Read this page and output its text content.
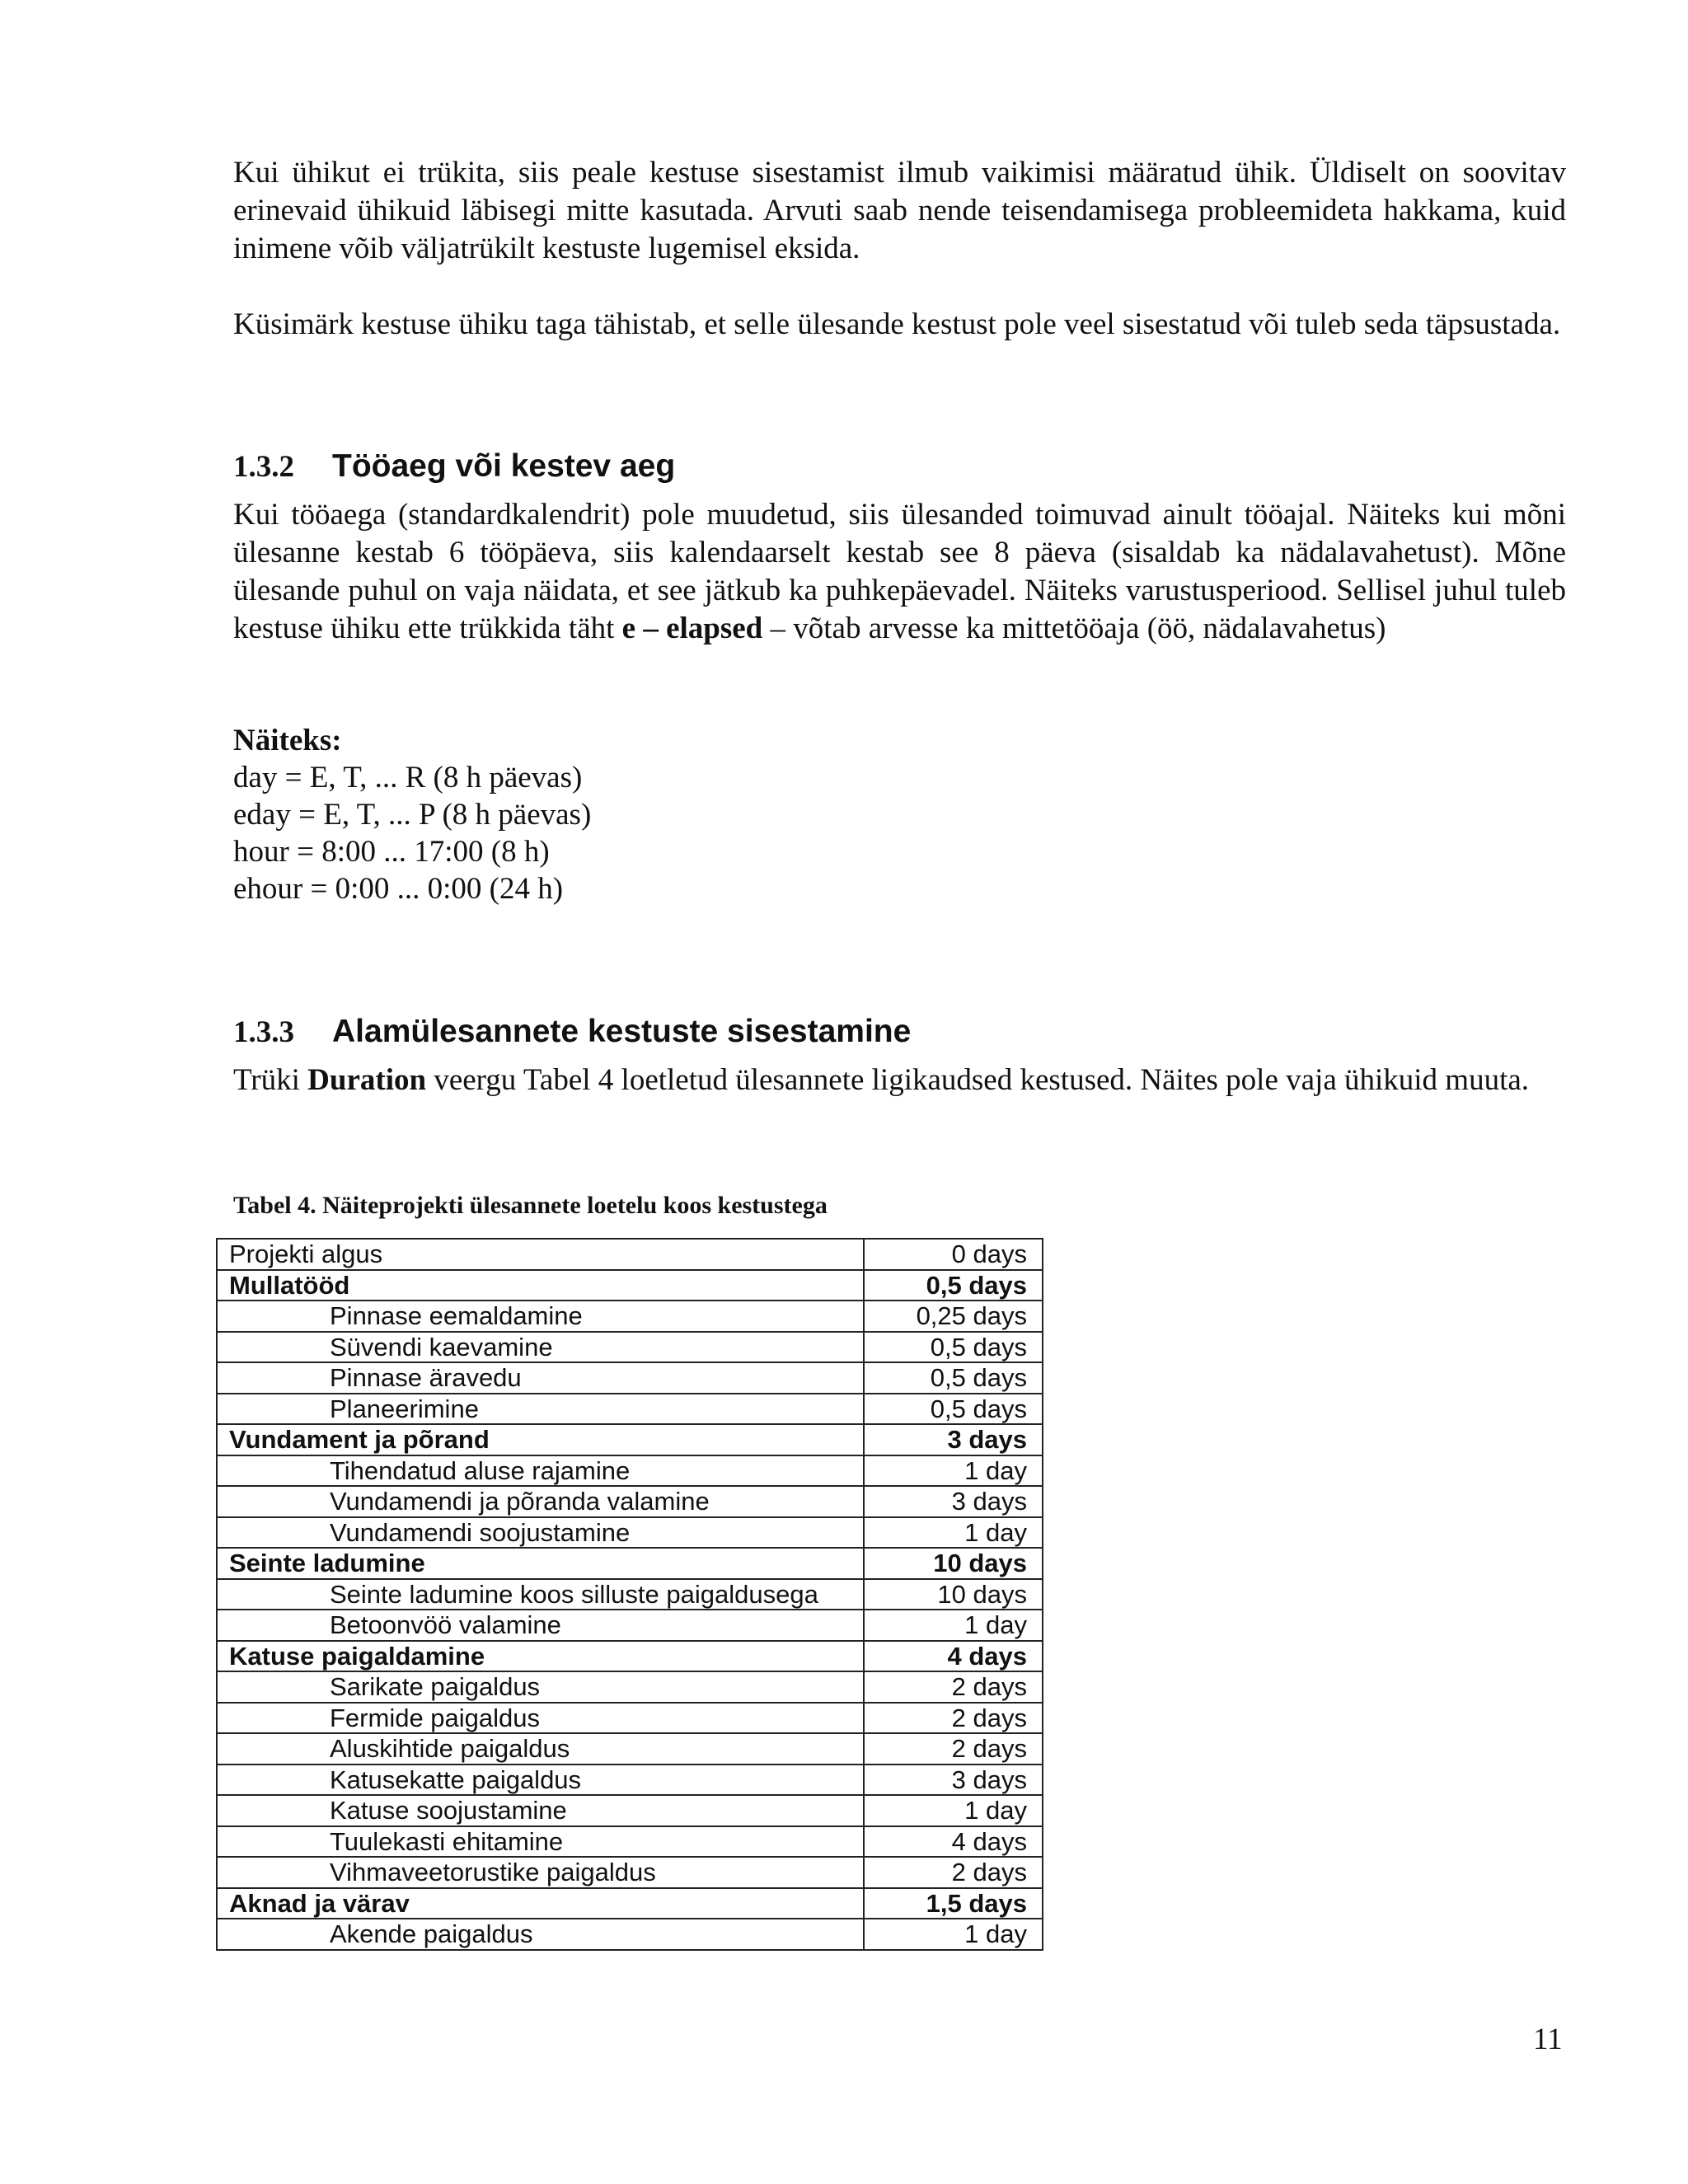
Kui ühikut ei trükita, siis peale kestuse sisestamist ilmub vaikimisi määratud ühik. Üldiselt on soovitav erinevaid ühikuid läbisegi mitte kasutada. Arvuti saab nende teisendamisega probleemideta hakkama, kuid inimene võib väljatrükilt kestuste lugemisel eksida.

Küsimärk kestuse ühiku taga tähistab, et selle ülesande kestust pole veel sisestatud või tuleb seda täpsustada.

1.3.2 Tööaeg või kestev aeg

Kui tööaega (standardkalendrit) pole muudetud, siis ülesanded toimuvad ainult tööajal. Näiteks kui mõni ülesanne kestab 6 tööpäeva, siis kalendaarselt kestab see 8 päeva (sisaldab ka nädalavahetust). Mõne ülesande puhul on vaja näidata, et see jätkub ka puhkepäevadel. Näiteks varustusperiood. Sellisel juhul tuleb kestuse ühiku ette trükkida täht e – elapsed – võtab arvesse ka mittetööaja (öö, nädalavahetus)

Näiteks:
day = E, T, ... R (8 h päevas)
eday = E, T, ... P (8 h päevas)
hour = 8:00 ... 17:00 (8 h)
ehour = 0:00 ... 0:00 (24 h)
1.3.3 Alamülesannete kestuste sisestamine

Trüki Duration veergu Tabel 4 loetletud ülesannete ligikaudsed kestused. Näites pole vaja ühikuid muuta.

Tabel 4. Näiteprojekti ülesannete loetelu koos kestustega

Projekti algus	0 days
Mullatööd	0,5 days
Pinnase eemaldamine	0,25 days
Süvendi kaevamine	0,5 days
Pinnase äravedu	0,5 days
Planeerimine	0,5 days
Vundament ja põrand	3 days
Tihendatud aluse rajamine	1 day
Vundamendi ja põranda valamine	3 days
Vundamendi soojustamine	1 day
Seinte ladumine	10 days
Seinte ladumine koos silluste paigaldusega	10 days
Betoonvöö valamine	1 day
Katuse paigaldamine	4 days
Sarikate paigaldus	2 days
Fermide paigaldus	2 days
Aluskihtide paigaldus	2 days
Katusekatte paigaldus	3 days
Katuse soojustamine	1 day
Tuulekasti ehitamine	4 days
Vihmaveetorustike paigaldus	2 days
Aknad ja värav	1,5 days
Akende paigaldus	1 day

11
